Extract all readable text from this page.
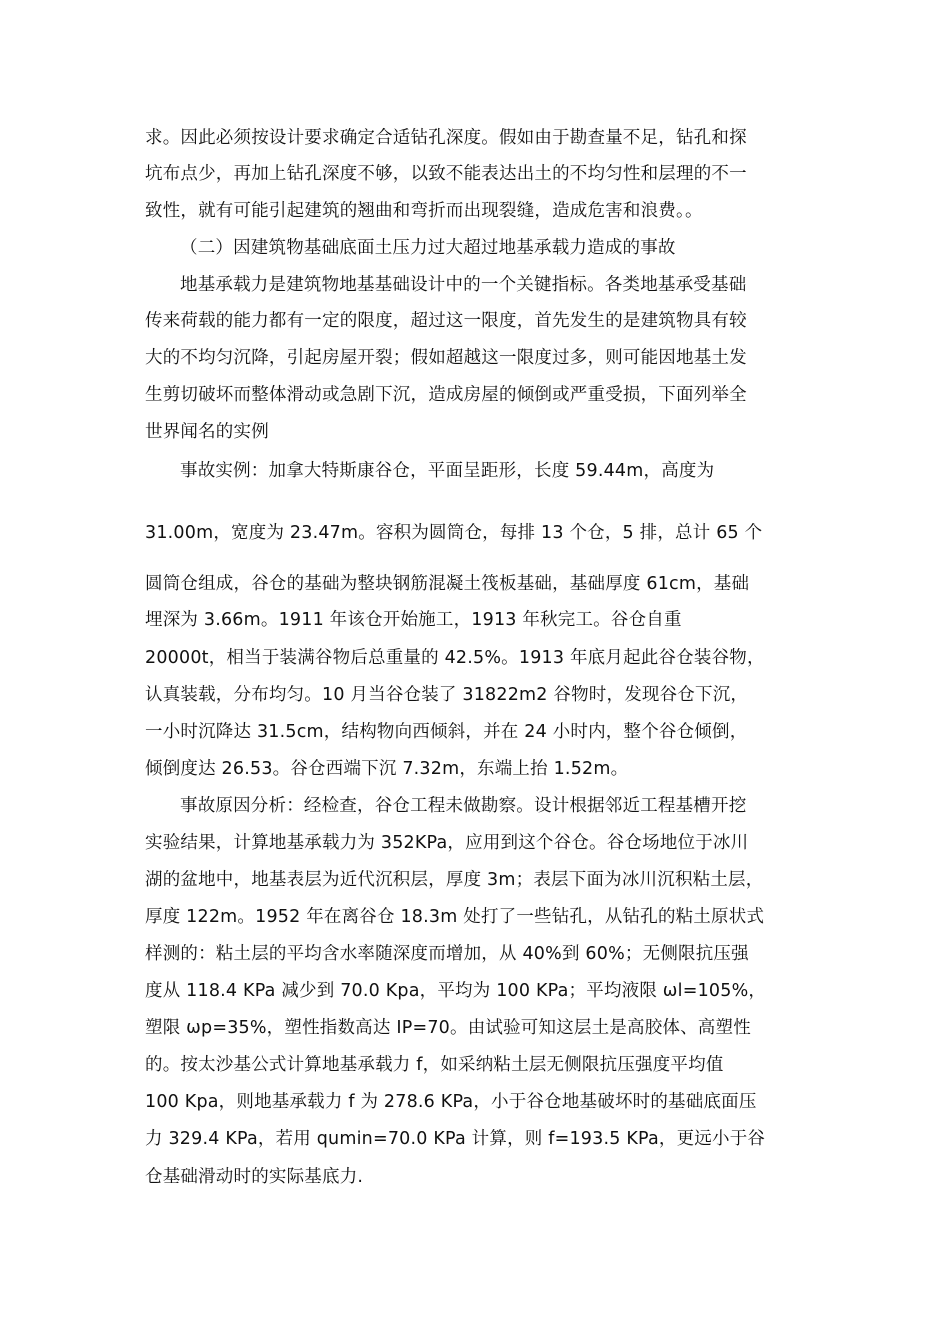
求。因此必须按设计要求确定合适钻孔深度。假如由于勘查量不足，钻孔和探
坑布点少，再加上钻孔深度不够，以致不能表达出土的不均匀性和层理的不一
致性，就有可能引起建筑的翘曲和弯折而出现裂缝，造成危害和浪费。。
（二）因建筑物基础底面土压力过大超过地基承载力造成的事故
地基承载力是建筑物地基基础设计中的一个关键指标。各类地基承受基础
传来荷载的能力都有一定的限度，超过这一限度，首先发生的是建筑物具有较
大的不均匀沉降，引起房屋开裂；假如超越这一限度过多，则可能因地基土发
生剪切破坏而整体滑动或急剧下沉，造成房屋的倾倒或严重受损，下面列举全
世界闻名的实例
事故实例：加拿大特斯康谷仓，平面呈距形，长度 59.44m，高度为
31.00m，宽度为 23.47m。容积为圆筒仓，每排 13 个仓，5 排，总计 65 个
圆筒仓组成，谷仓的基础为整块钢筋混凝土筏板基础，基础厚度 61cm，基础
埋深为 3.66m。1911 年该仓开始施工，1913 年秋完工。谷仓自重
20000t，相当于装满谷物后总重量的 42.5%。1913 年底月起此谷仓装谷物，
认真装载，分布均匀。10 月当谷仓装了 31822m2 谷物时，发现谷仓下沉，
一小时沉降达 31.5cm，结构物向西倾斜，并在 24 小时内，整个谷仓倾倒，
倾倒度达 26.53。谷仓西端下沉 7.32m，东端上抬 1.52m。
事故原因分析：经检查，谷仓工程未做勘察。设计根据邻近工程基槽开挖
实验结果，计算地基承载力为 352KPa，应用到这个谷仓。谷仓场地位于冰川
湖的盆地中，地基表层为近代沉积层，厚度 3m；表层下面为冰川沉积粘土层，
厚度 122m。1952 年在离谷仓 18.3m 处打了一些钻孔，从钻孔的粘土原状式
样测的：粘土层的平均含水率随深度而增加，从 40%到 60%；无侧限抗压强
度从 118.4 KPa 减少到 70.0 Kpa，平均为 100 KPa；平均液限 ωl=105%，
塑限 ωp=35%，塑性指数高达 IP=70。由试验可知这层土是高胶体、高塑性
的。按太沙基公式计算地基承载力 f，如采纳粘土层无侧限抗压强度平均值
100 Kpa，则地基承载力 f 为 278.6 KPa，小于谷仓地基破坏时的基础底面压
力 329.4 KPa，若用 qumin=70.0 KPa 计算，则 f=193.5 KPa，更远小于谷
仓基础滑动时的实际基底力.
